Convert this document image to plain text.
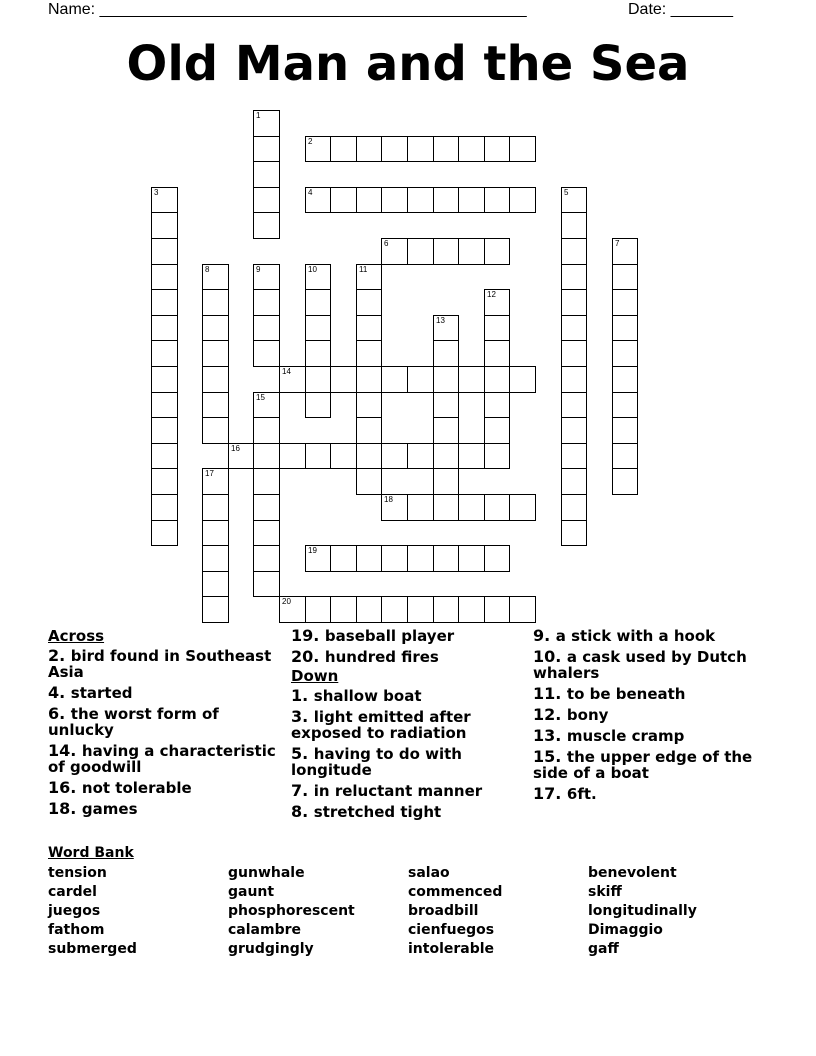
Name: ________________________________________________	Date: _______
Old Man and the Sea
1
2
3	4	5
6	7
8	9	10	11
12
13
14
15
16
17
18
19
20
Across
2. bird found in Southeast Asia
4. started
6. the worst form of unlucky
14. having a characteristic of goodwill
16. not tolerable
18. games
19. baseball player
20. hundred fires
Down
1. shallow boat
3. light emitted after exposed to radiation
5. having to do with longitude
7. in reluctant manner
8. stretched tight
9. a stick with a hook
10. a cask used by Dutch whalers
11. to be beneath
12. bony
13. muscle cramp
15. the upper edge of the side of a boat
17. 6ft.
Word Bank
tension
cardel
juegos
fathom
submerged
gunwhale
gaunt
phosphorescent
calambre
grudgingly
salao
commenced
broadbill
cienfuegos
intolerable
benevolent
skiff
longitudinally
Dimaggio
gaff
